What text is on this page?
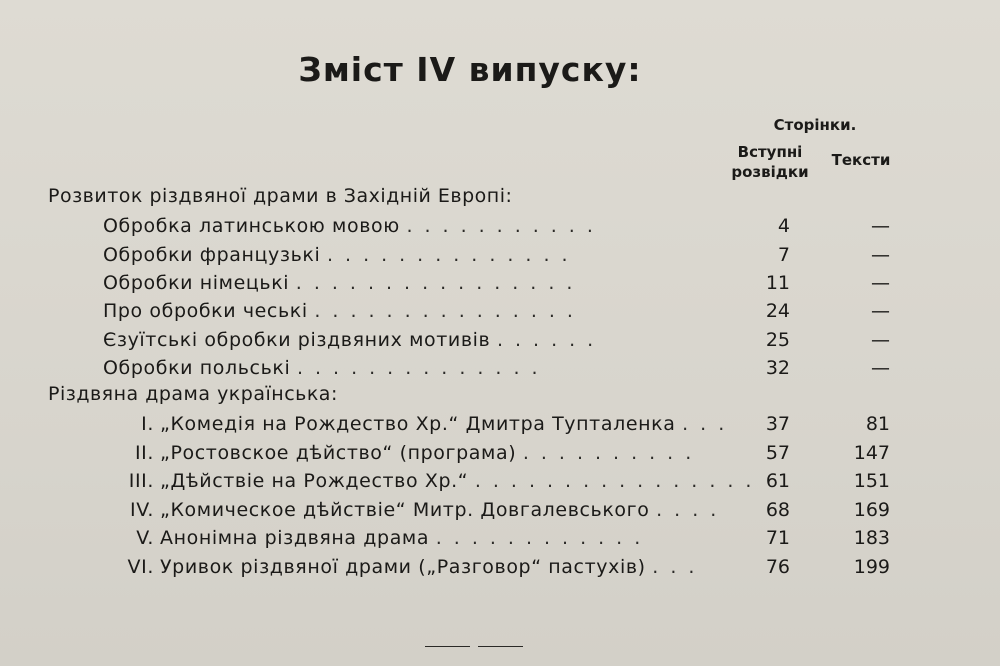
Зміст IV випуску:
Сторінки.
Вступні розвідки
Тексти
Розвиток різдвяної драми в Західній Европі:
Обробка латинською мовою ...........	4	—
Обробки французькі ..............	7	—
Обробки німецькі ................	11	—
Про обробки чеські ...............	24	—
Єзуїтські обробки різдвяних мотивів ......	25	—
Обробки польські ..............	32	—
Різдвяна драма українська:
I. „Комедія на Рождество Хр.“ Дмитра Тупталенка ...	37	81
II. „Ростовское дѣйство“ (програма) ..........	57	147
III. „Дѣйствіе на Рождество Хр.“ ................ 61	151
IV. „Комическое дѣйствіе“ Митр. Довгалевського ....	68	169
V. Анонімна різдвяна драма ............	71	183
VI. Уривок різдвяної драми („Разговор“ пастухів) ...	76	199
